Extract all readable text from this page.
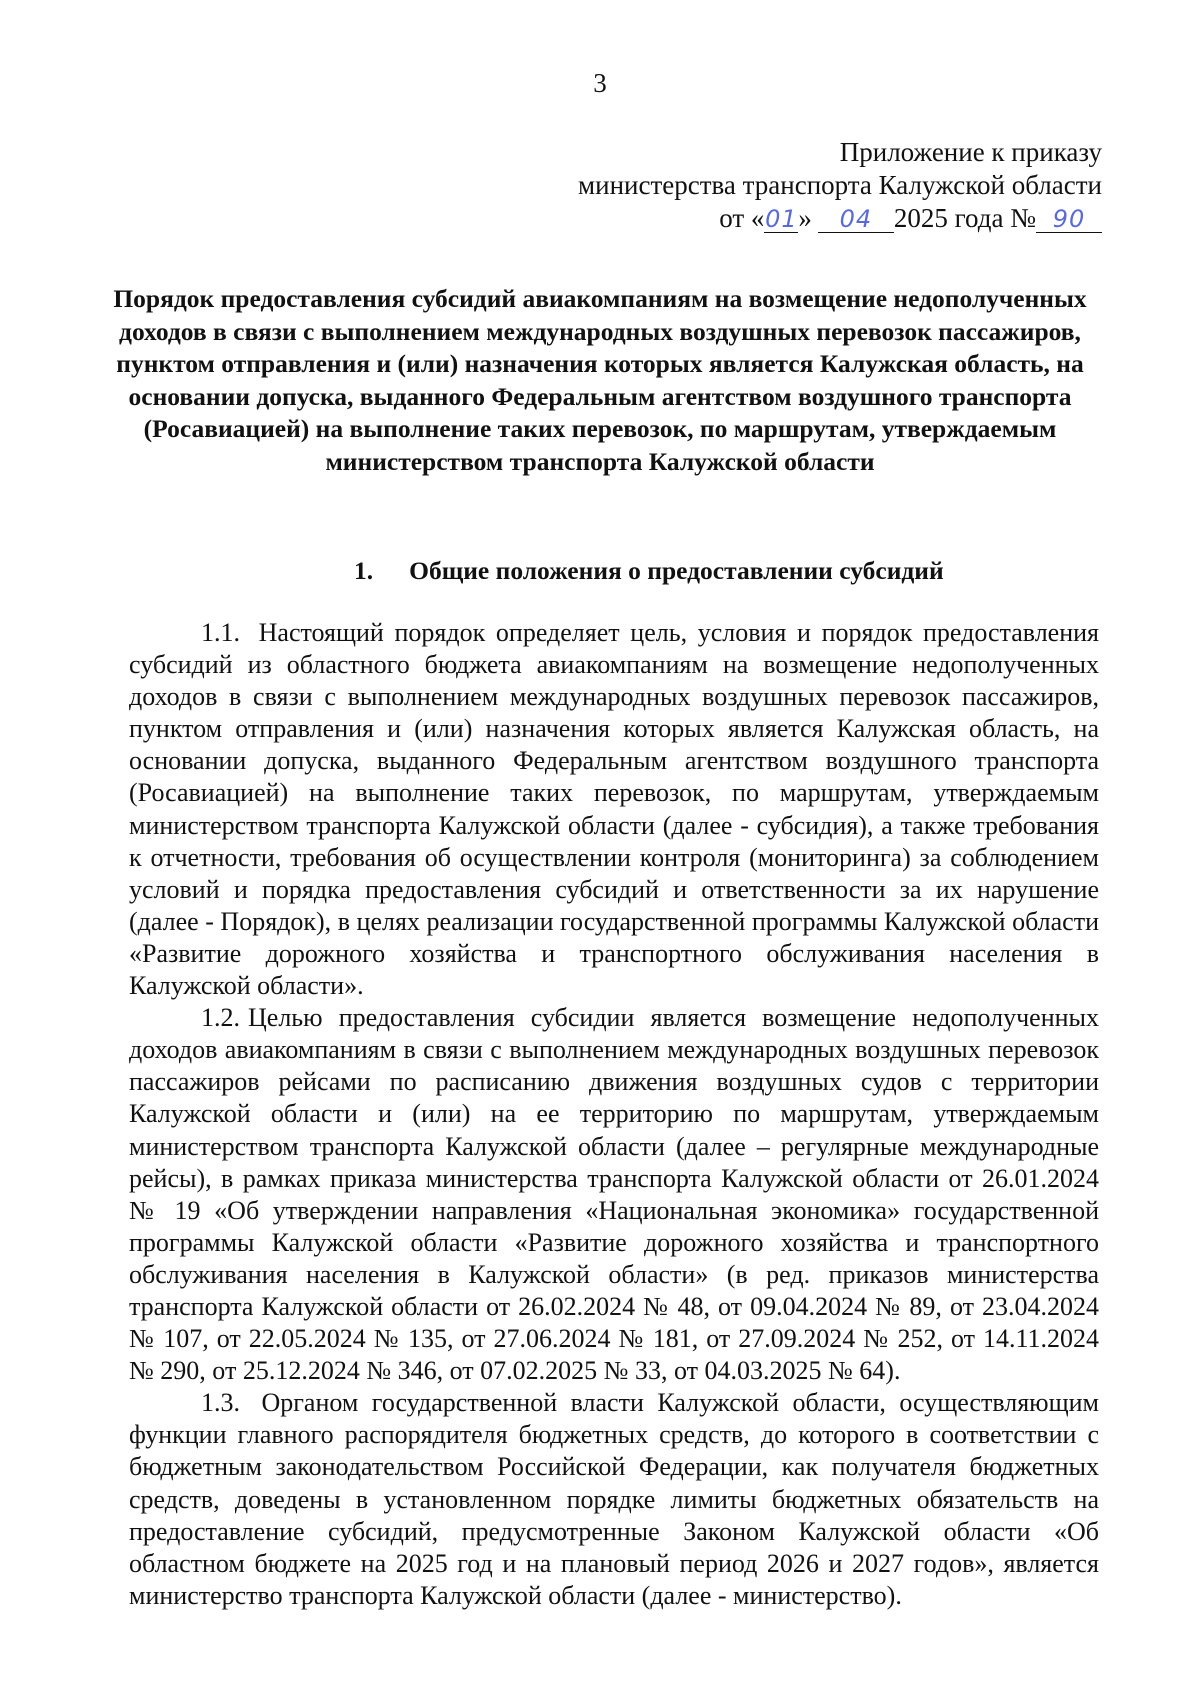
3
Приложение к приказу
министерства транспорта Калужской области
от «01» 04 2025 года № 90
Порядок предоставления субсидий авиакомпаниям на возмещение недополученных доходов в связи с выполнением международных воздушных перевозок пассажиров, пунктом отправления и (или) назначения которых является Калужская область, на основании допуска, выданного Федеральным агентством воздушного транспорта (Росавиацией) на выполнение таких перевозок, по маршрутам, утверждаемым министерством транспорта Калужской области
1. Общие положения о предоставлении субсидий

1.1. Настоящий порядок определяет цель, условия и порядок предоставления субсидий из областного бюджета авиакомпаниям на возмещение недополученных доходов в связи с выполнением международных воздушных перевозок пассажиров, пунктом отправления и (или) назначения которых является Калужская область, на основании допуска, выданного Федеральным агентством воздушного транспорта (Росавиацией) на выполнение таких перевозок, по маршрутам, утверждаемым министерством транспорта Калужской области (далее - субсидия), а также требования к отчетности, требования об осуществлении контроля (мониторинга) за соблюдением условий и порядка предоставления субсидий и ответственности за их нарушение (далее - Порядок), в целях реализации государственной программы Калужской области «Развитие дорожного хозяйства и транспортного обслуживания населения в Калужской области».

1.2. Целью предоставления субсидии является возмещение недополученных доходов авиакомпаниям в связи с выполнением международных воздушных перевозок пассажиров рейсами по расписанию движения воздушных судов с территории Калужской области и (или) на ее территорию по маршрутам, утверждаемым министерством транспорта Калужской области (далее – регулярные международные рейсы), в рамках приказа министерства транспорта Калужской области от 26.01.2024 № 19 «Об утверждении направления «Национальная экономика» государственной программы Калужской области «Развитие дорожного хозяйства и транспортного обслуживания населения в Калужской области» (в ред. приказов министерства транспорта Калужской области от 26.02.2024 № 48, от 09.04.2024 № 89, от 23.04.2024 № 107, от 22.05.2024 № 135, от 27.06.2024 № 181, от 27.09.2024 № 252, от 14.11.2024 № 290, от 25.12.2024 № 346, от 07.02.2025 № 33, от 04.03.2025 № 64).

1.3. Органом государственной власти Калужской области, осуществляющим функции главного распорядителя бюджетных средств, до которого в соответствии с бюджетным законодательством Российской Федерации, как получателя бюджетных средств, доведены в установленном порядке лимиты бюджетных обязательств на предоставление субсидий, предусмотренные Законом Калужской области «Об областном бюджете на 2025 год и на плановый период 2026 и 2027 годов», является министерство транспорта Калужской области (далее - министерство).
